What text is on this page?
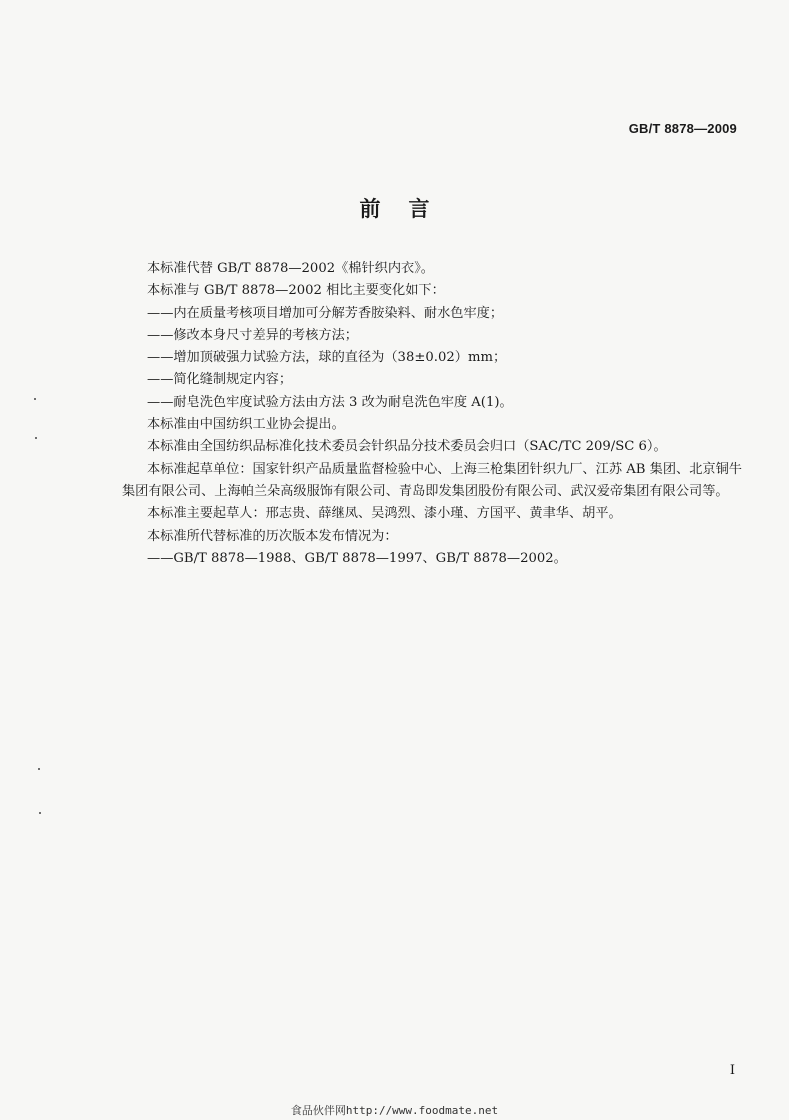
GB/T 8878—2009
前言

本标准代替 GB/T 8878—2002《棉针织内衣》。

本标准与 GB/T 8878—2002 相比主要变化如下：

——内在质量考核项目增加可分解芳香胺染料、耐水色牢度；

——修改本身尺寸差异的考核方法；

——增加顶破强力试验方法，球的直径为（38±0.02）mm；

——简化缝制规定内容；

——耐皂洗色牢度试验方法由方法 3 改为耐皂洗色牢度 A(1)。

本标准由中国纺织工业协会提出。

本标准由全国纺织品标准化技术委员会针织品分技术委员会归口（SAC/TC 209/SC 6）。

本标准起草单位：国家针织产品质量监督检验中心、上海三枪集团针织九厂、江苏 AB 集团、北京铜牛集团有限公司、上海帕兰朵高级服饰有限公司、青岛即发集团股份有限公司、武汉爱帝集团有限公司等。

本标准主要起草人：邢志贵、薛继凤、吴鸿烈、漆小瑾、方国平、黄聿华、胡平。

本标准所代替标准的历次版本发布情况为：

——GB/T 8878—1988、GB/T 8878—1997、GB/T 8878—2002。

I
食品伙伴网http://www.foodmate.net
